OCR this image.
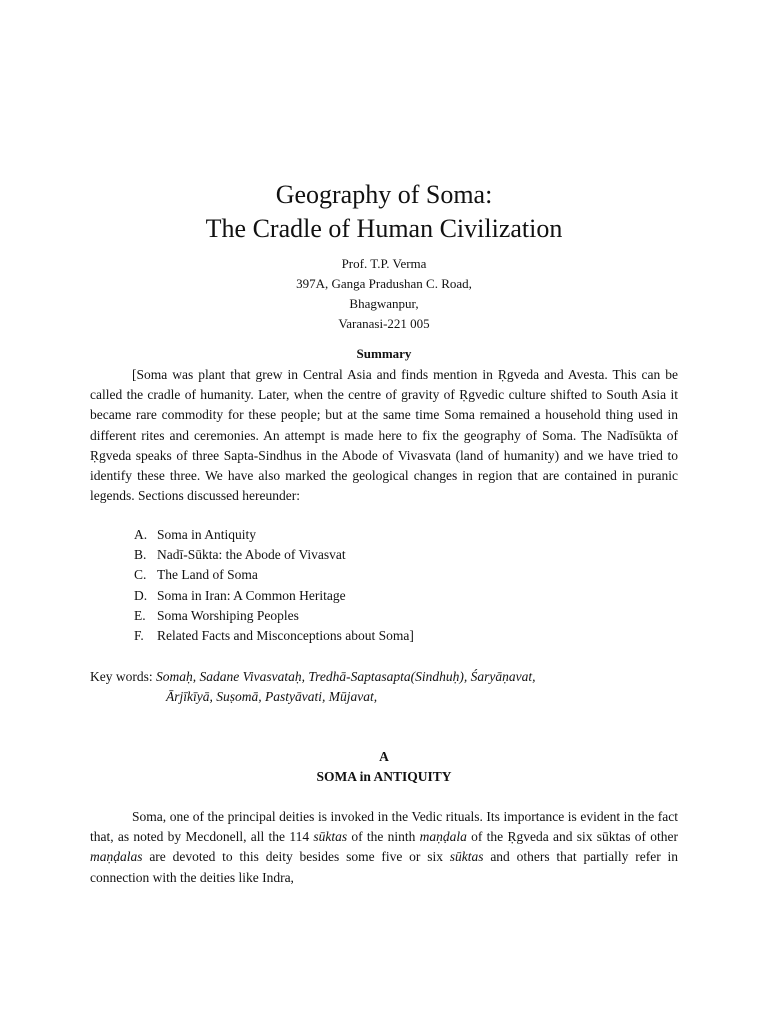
Geography of Soma:
The Cradle of Human Civilization
Prof. T.P. Verma
397A, Ganga Pradushan C. Road,
Bhagwanpur,
Varanasi-221 005
Summary

[Soma was plant that grew in Central Asia and finds mention in Ṛgveda and Avesta. This can be called the cradle of humanity. Later, when the centre of gravity of Ṛgvedic culture shifted to South Asia it became rare commodity for these people; but at the same time Soma remained a household thing used in different rites and ceremonies. An attempt is made here to fix the geography of Soma. The Nadīsūkta of Ṛgveda speaks of three Sapta-Sindhus in the Abode of Vivasvata (land of humanity) and we have tried to identify these three. We have also marked the geological changes in region that are contained in puranic legends. Sections discussed hereunder:

A. Soma in Antiquity
B. Nadī-Sūkta: the Abode of Vivasvat
C. The Land of Soma
D. Soma in Iran: A Common Heritage
E. Soma Worshiping Peoples
F. Related Facts and Misconceptions about Soma]
Key words: Somaḥ, Sadane Vivasvataḥ, Tredhā-Saptasapta(Sindhuḥ), Śaryāṇavat,
Ārjīkīyā, Suṣomā, Pastyāvati, Mūjavat,
A
SOMA in ANTIQUITY

Soma, one of the principal deities is invoked in the Vedic rituals. Its importance is evident in the fact that, as noted by Mecdonell, all the 114 sūktas of the ninth maṇḍala of the Ṛgveda and six sūktas of other maṇḍalas are devoted to this deity besides some five or six sūktas and others that partially refer in connection with the deities like Indra,
